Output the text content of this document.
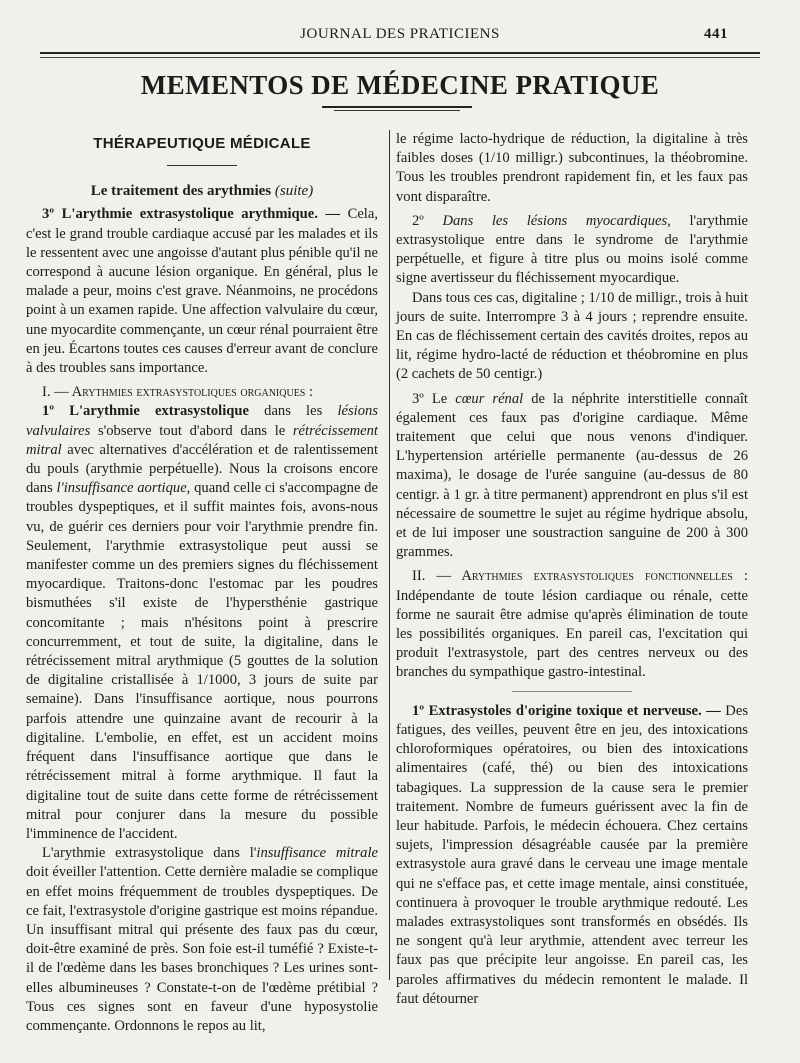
JOURNAL DES PRATICIENS	441
MEMENTOS DE MÉDECINE PRATIQUE
THÉRAPEUTIQUE MÉDICALE
Le traitement des arythmies (suite)

3º L'arythmie extrasystolique arythmique. — Cela, c'est le grand trouble cardiaque accusé par les malades et ils le ressentent avec une angoisse d'autant plus pénible qu'il ne correspond à aucune lésion organique. En général, plus le malade a peur, moins c'est grave. Néanmoins, ne procédons point à un examen rapide. Une affection valvulaire du cœur, une myocardite commençante, un cœur rénal pourraient être en jeu. Écartons toutes ces causes d'erreur avant de conclure à des troubles sans importance.

I. — Arythmies extrasystoliques organiques :

1º L'arythmie extrasystolique dans les lésions valvulaires s'observe tout d'abord dans le rétrécissement mitral avec alternatives d'accélération et de ralentissement du pouls (arythmie perpétuelle). Nous la croisons encore dans l'insuffisance aortique, quand celle ci s'accompagne de troubles dyspeptiques, et il suffit maintes fois, avons-nous vu, de guérir ces derniers pour voir l'arythmie prendre fin. Seulement, l'arythmie extrasystolique peut aussi se manifester comme un des premiers signes du fléchissement myocardique. Traitons-donc l'estomac par les poudres bismuthées s'il existe de l'hypersthénie gastrique concomitante ; mais n'hésitons point à prescrire concurremment, et tout de suite, la digitaline, dans le rétrécissement mitral arythmique (5 gouttes de la solution de digitaline cristallisée à 1/1000, 3 jours de suite par semaine). Dans l'insuffisance aortique, nous pourrons parfois attendre une quinzaine avant de recourir à la digitaline. L'embolie, en effet, est un accident moins fréquent dans l'insuffisance aortique que dans le rétrécissement mitral à forme arythmique. Il faut la digitaline tout de suite dans cette forme de rétrécissement mitral pour conjurer dans la mesure du possible l'imminence de l'accident.

L'arythmie extrasystolique dans l'insuffisance mitrale doit éveiller l'attention. Cette dernière maladie se complique en effet moins fréquemment de troubles dyspeptiques. De ce fait, l'extrasystole d'origine gastrique est moins répandue. Un insuffisant mitral qui présente des faux pas du cœur, doit-être examiné de près. Son foie est-il tuméfié ? Existe-t-il de l'œdème dans les bases bronchiques ? Les urines sont-elles albumineuses ? Constate-t-on de l'œdème prétibial ? Tous ces signes sont en faveur d'une hyposystolie commençante. Ordonnons le repos au lit,

le régime lacto-hydrique de réduction, la digitaline à très faibles doses (1/10 milligr.) subcontinues, la théobromine. Tous les troubles prendront rapidement fin, et les faux pas vont disparaître.

2º Dans les lésions myocardiques, l'arythmie extrasystolique entre dans le syndrome de l'arythmie perpétuelle, et figure à titre plus ou moins isolé comme signe avertisseur du fléchissement myocardique.

Dans tous ces cas, digitaline ; 1/10 de milligr., trois à huit jours de suite. Interrompre 3 à 4 jours ; reprendre ensuite. En cas de fléchissement certain des cavités droites, repos au lit, régime hydro-lacté de réduction et théobromine en plus (2 cachets de 50 centigr.)

3º Le cœur rénal de la néphrite interstitielle connaît également ces faux pas d'origine cardiaque. Même traitement que celui que nous venons d'indiquer. L'hypertension artérielle permanente (au-dessus de 26 maxima), le dosage de l'urée sanguine (au-dessus de 80 centigr. à 1 gr. à titre permanent) apprendront en plus s'il est nécessaire de soumettre le sujet au régime hydrique absolu, et de lui imposer une soustraction sanguine de 200 à 300 grammes.

II. — Arythmies extrasystoliques fonctionnelles : Indépendante de toute lésion cardiaque ou rénale, cette forme ne saurait être admise qu'après élimination de toute les possibilités organiques. En pareil cas, l'excitation qui produit l'extrasystole, part des centres nerveux ou des branches du sympathique gastro-intestinal.

1º Extrasystoles d'origine toxique et nerveuse. — Des fatigues, des veilles, peuvent être en jeu, des intoxications chloroformiques opératoires, ou bien des intoxications alimentaires (café, thé) ou bien des intoxications tabagiques. La suppression de la cause sera le premier traitement. Nombre de fumeurs guérissent avec la fin de leur habitude. Parfois, le médecin échouera. Chez certains sujets, l'impression désagréable causée par la première extrasystole aura gravé dans le cerveau une image mentale qui ne s'efface pas, et cette image mentale, ainsi constituée, continuera à provoquer le trouble arythmique redouté. Les malades extrasystoliques sont transformés en obsédés. Ils ne songent qu'à leur arythmie, attendent avec terreur les faux pas que précipite leur angoisse. En pareil cas, les paroles affirmatives du médecin remontent le malade. Il faut détourner
